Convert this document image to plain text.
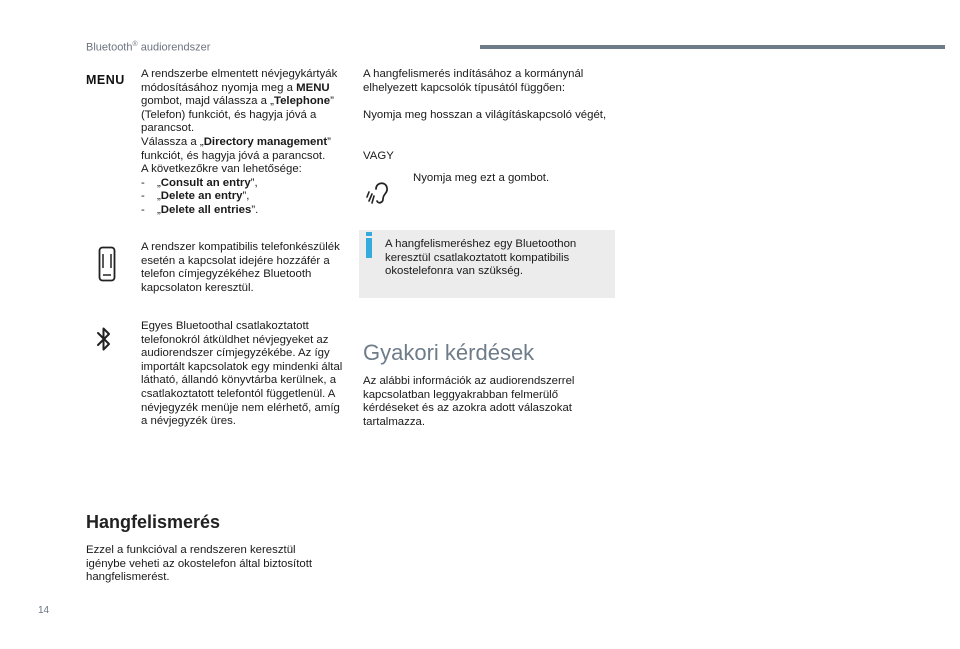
Bluetooth® audiorendszer
MENU A rendszerbe elmentett névjegykártyák módosításához nyomja meg a MENU gombot, majd válassza a „Telephone” (Telefon) funkciót, és hagyja jóvá a parancsot.

Válassza a „Directory management” funkciót, és hagyja jóvá a parancsot.

A következőkre van lehetősége:

- „Consult an entry”,
- „Delete an entry”,
- „Delete all entries”.
A rendszer kompatibilis telefonkészülék esetén a kapcsolat idejére hozzáfér a telefon címjegyzékéhez Bluetooth kapcsolaton keresztül.
Egyes Bluetoothal csatlakoztatott telefonokról átküldhet névjegyeket az audiorendszer címjegyzékébe. Az így importált kapcsolatok egy mindenki által látható, állandó könyvtárba kerülnek, a csatlakoztatott telefontól függetlenül. A névjegyzék menüje nem elérhető, amíg a névjegyzék üres.
Hangfelismerés
Ezzel a funkcióval a rendszeren keresztül igénybe veheti az okostelefon által biztosított hangfelismerést.
A hangfelismerés indításához a kormánynál elhelyezett kapcsolók típusától függően:
Nyomja meg hosszan a világításkapcsoló végét,
VAGY
Nyomja meg ezt a gombot.
A hangfelismeréshez egy Bluetoothon keresztül csatlakoztatott kompatibilis okostelefonra van szükség.
Gyakori kérdések
Az alábbi információk az audiorendszerrel kapcsolatban leggyakrabban felmerülő kérdéseket és az azokra adott válaszokat tartalmazza.
14
